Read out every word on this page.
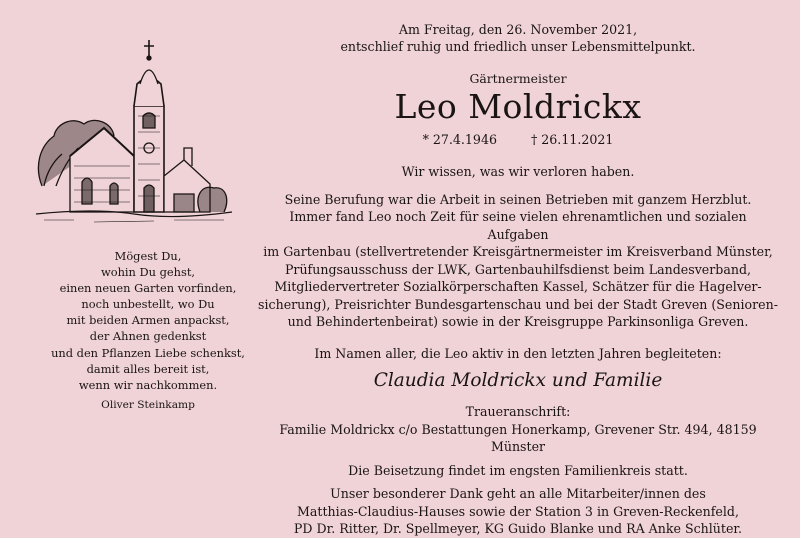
Mögest Du,
wohin Du gehst,
einen neuen Garten vorfinden,
noch unbestellt, wo Du
mit beiden Armen anpackst,
der Ahnen gedenkst
und den Pflanzen Liebe schenkst,
damit alles bereit ist,
wenn wir nachkommen.
Oliver Steinkamp
Am Freitag, den 26. November 2021,
entschlief ruhig und friedlich unser Lebensmittelpunkt.
Gärtnermeister
Leo Moldrickx
* 27.4.1946	† 26.11.2021
Wir wissen, was wir verloren haben.
Seine Berufung war die Arbeit in seinen Betrieben mit ganzem Herzblut.
Immer fand Leo noch Zeit für seine vielen ehrenamtlichen und sozialen Aufgaben
im Gartenbau (stellvertretender Kreisgärtnermeister im Kreisverband Münster,
Prüfungsausschuss der LWK, Gartenbauhilfsdienst beim Landesverband,
Mitgliedervertreter Sozialkörperschaften Kassel, Schätzer für die Hagelver-
sicherung), Preisrichter Bundesgartenschau und bei der Stadt Greven (Senioren-
und Behindertenbeirat) sowie in der Kreisgruppe Parkinsonliga Greven.
Im Namen aller, die Leo aktiv in den letzten Jahren begleiteten:
Claudia Moldrickx und Familie
Traueranschrift:
Familie Moldrickx c/o Bestattungen Honerkamp, Grevener Str. 494, 48159 Münster
Die Beisetzung findet im engsten Familienkreis statt.
Unser besonderer Dank geht an alle Mitarbeiter/innen des
Matthias-Claudius-Hauses sowie der Station 3 in Greven-Reckenfeld,
PD Dr. Ritter, Dr. Spellmeyer, KG Guido Blanke und RA Anke Schlüter.
